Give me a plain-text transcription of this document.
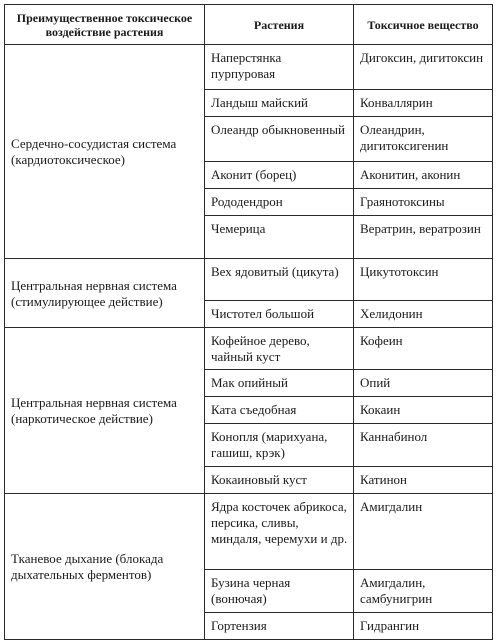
Преимущественное токсическое воздействие растения	Растения	Токсичное вещество
Сердечно-сосудистая система (кардиотоксическое)	Наперстянка пурпуровая	Дигоксин, дигитоксин
	Ландыш майский	Конваллярин
	Олеандр обыкновенный	Олеандрин, дигитоксигенин
	Аконит (борец)	Аконитин, аконин
	Рододендрон	Граянотоксины
	Чемерица	Вератрин, вератрозин
Центральная нервная система (стимулирующее действие)	Вех ядовитый (цикута)	Цикутотоксин
	Чистотел большой	Хелидонин
Центральная нервная система (наркотическое действие)	Кофейное дерево, чайный куст	Кофеин
	Мак опийный	Опий
	Ката съедобная	Кокаин
	Конопля (марихуана, гашиш, крэк)	Каннабинол
	Кокаиновый куст	Катинон
Тканевое дыхание (блокада дыхательных ферментов)	Ядра косточек абрикоса, персика, сливы, миндаля, черемухи и др.	Амигдалин
	Бузина черная (вонючая)	Амигдалин, самбунигрин
	Гортензия	Гидрангин
